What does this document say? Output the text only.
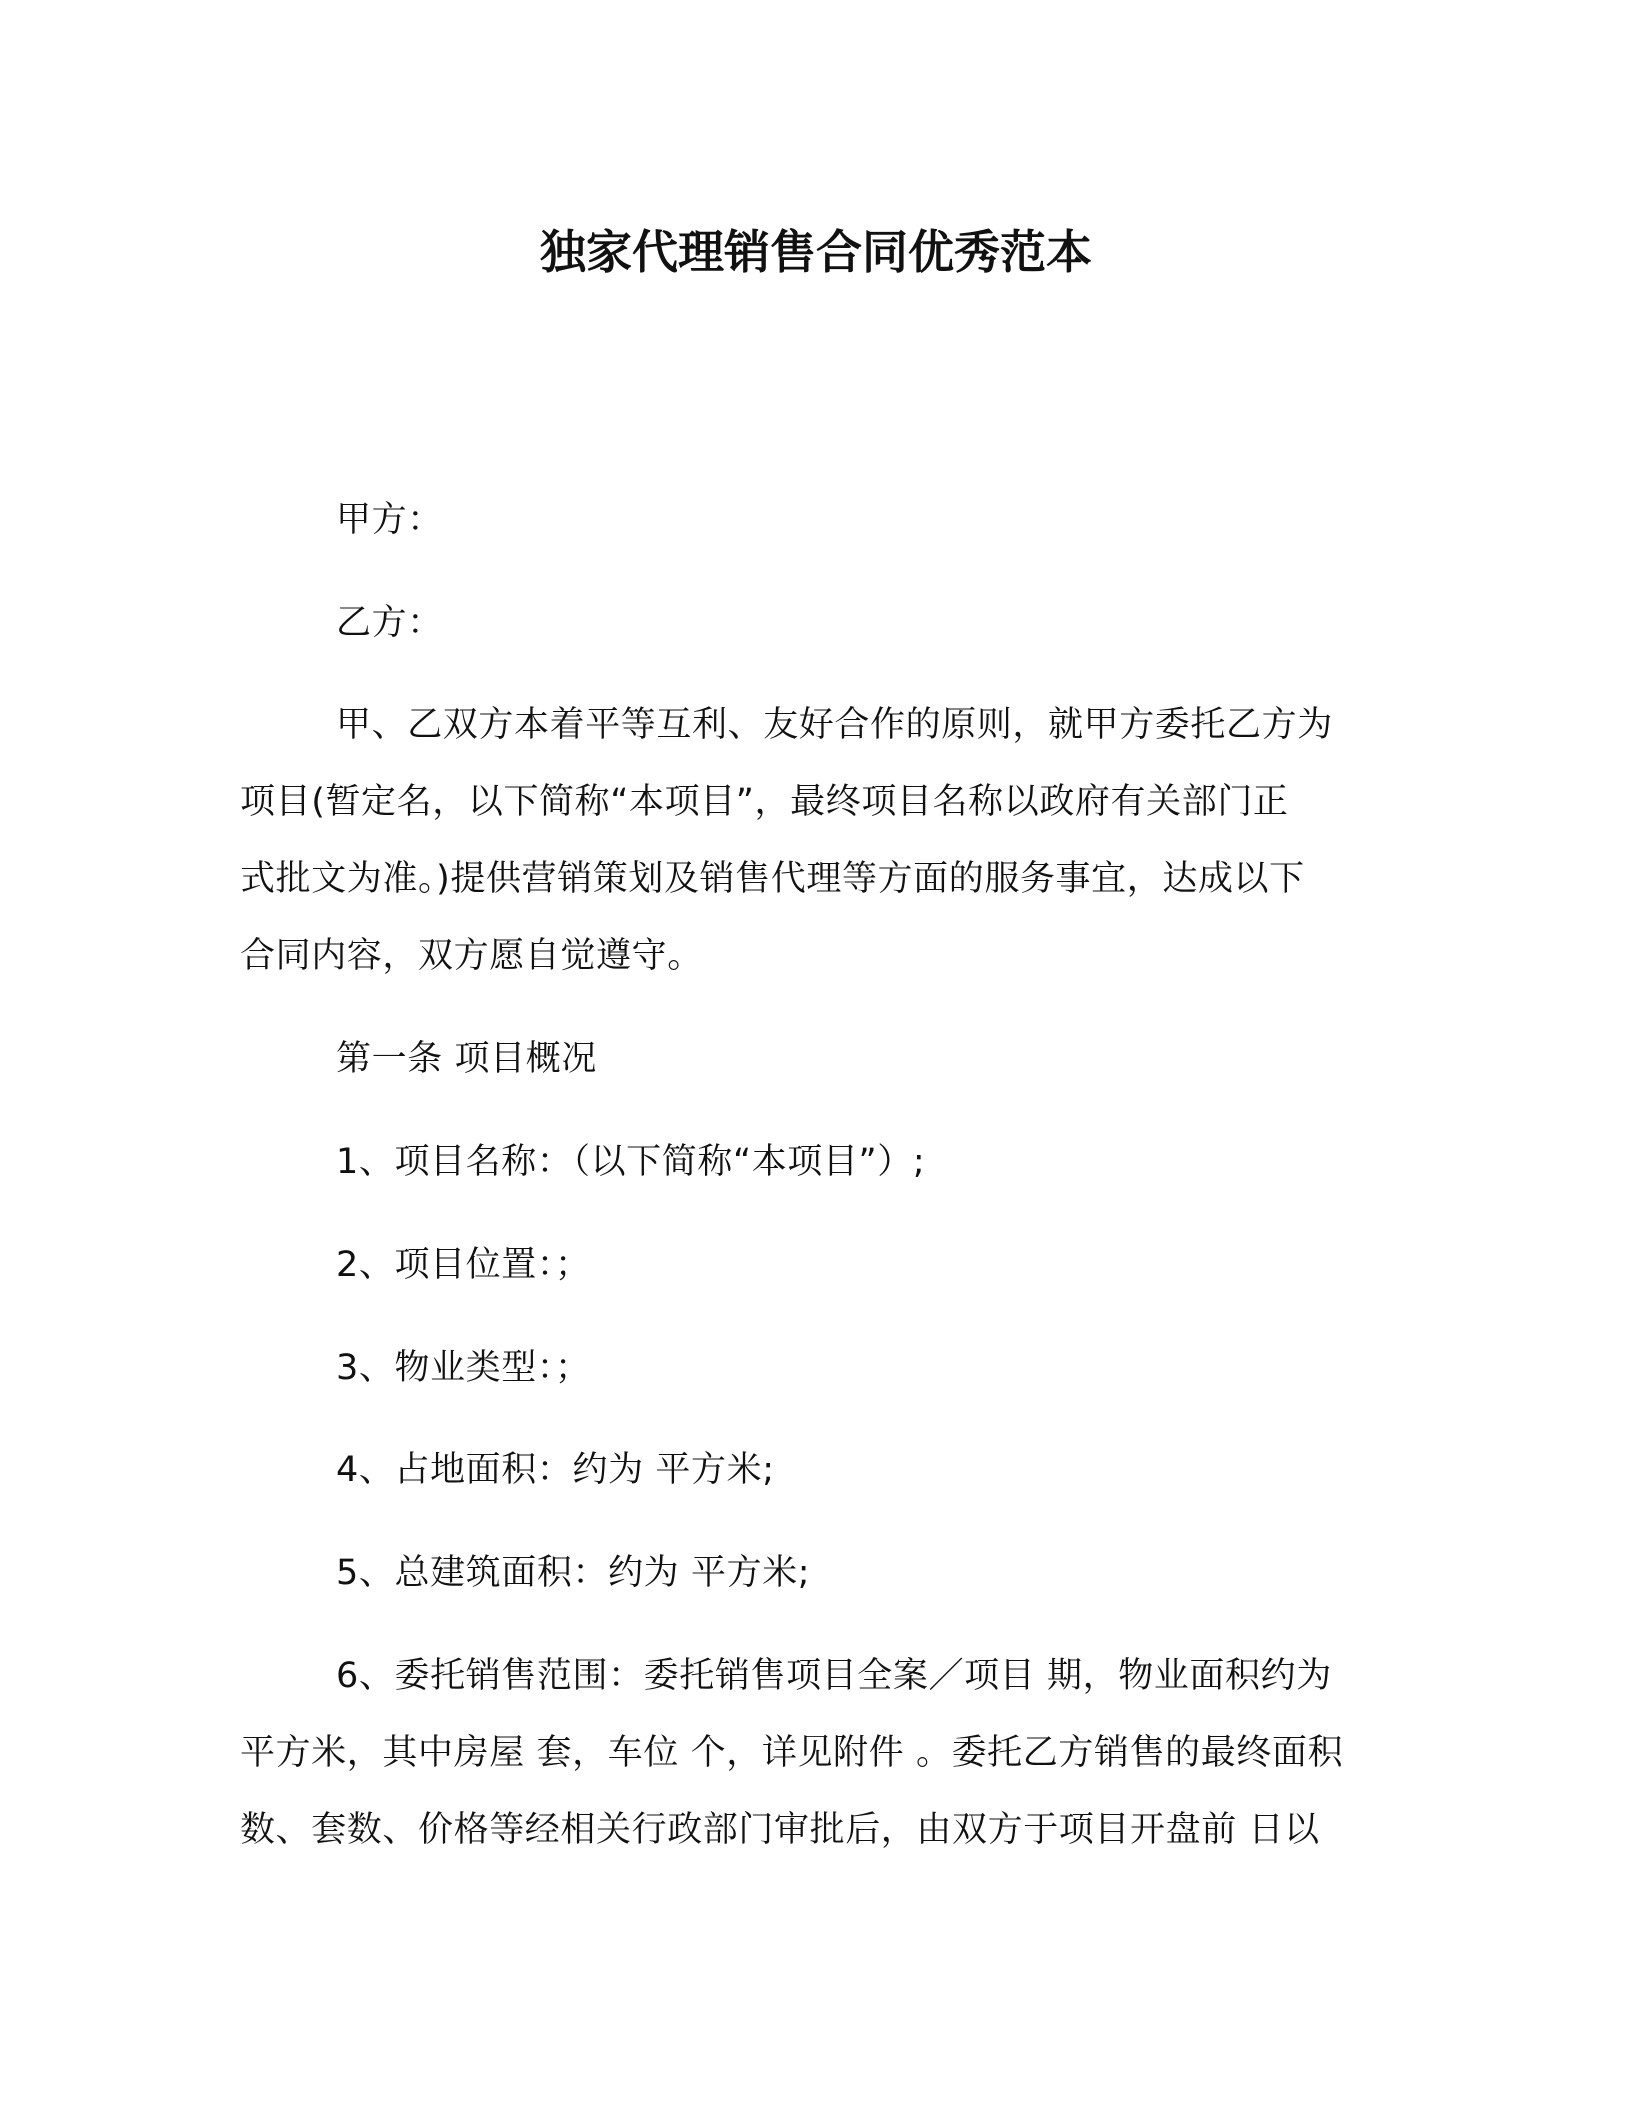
独家代理销售合同优秀范本
甲方：
乙方：
甲、乙双方本着平等互利、友好合作的原则，就甲方委托乙方为
项目(暂定名，以下简称“本项目”，最终项目名称以政府有关部门正
式批文为准。)提供营销策划及销售代理等方面的服务事宜，达成以下
合同内容，双方愿自觉遵守。
第一条 项目概况
1、项目名称：（以下简称“本项目”）;
2、项目位置：；
3、物业类型：；
4、占地面积：约为 平方米;
5、总建筑面积：约为 平方米;
6、委托销售范围：委托销售项目全案／项目 期，物业面积约为
平方米，其中房屋 套，车位 个，详见附件 。委托乙方销售的最终面积
数、套数、价格等经相关行政部门审批后，由双方于项目开盘前 日以
